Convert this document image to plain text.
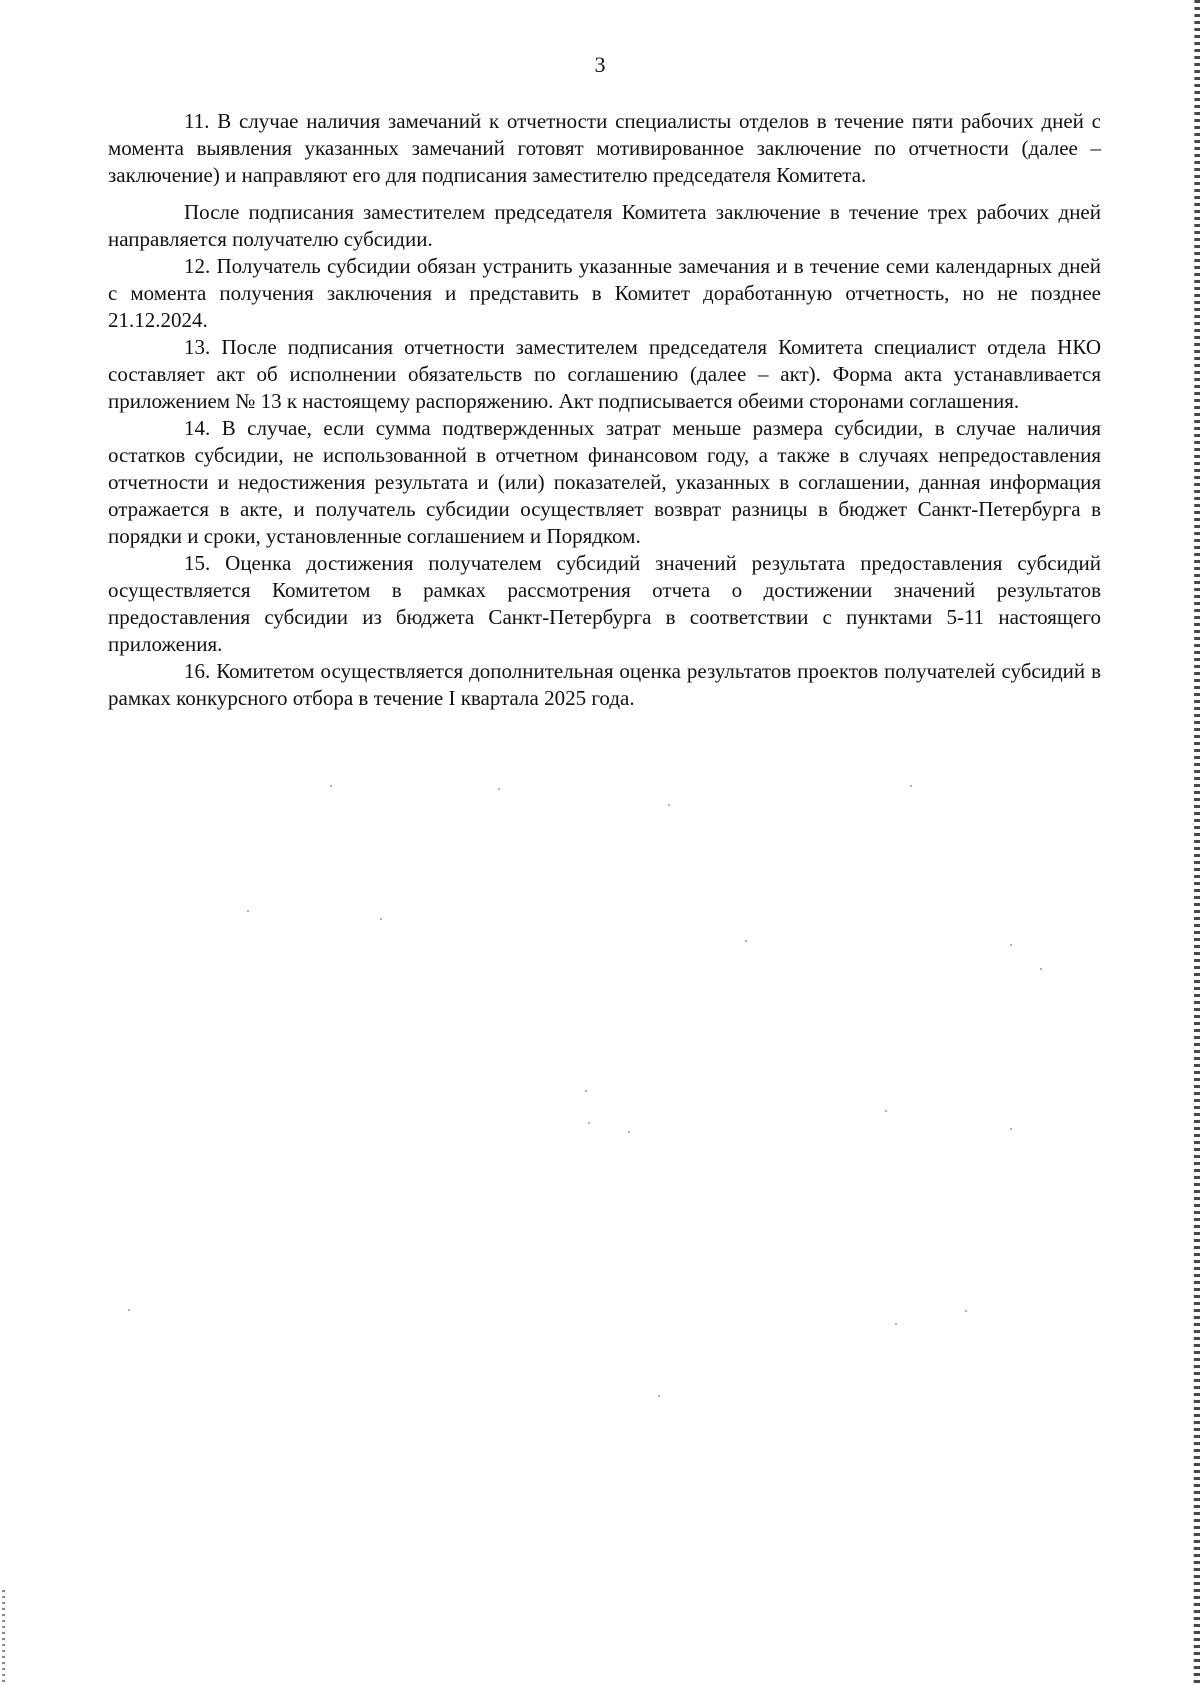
3

11. В случае наличия замечаний к отчетности специалисты отделов в течение пяти рабочих дней с момента выявления указанных замечаний готовят мотивированное заключение по отчетности (далее – заключение) и направляют его для подписания заместителю председателя Комитета.

После подписания заместителем председателя Комитета заключение в течение трех рабочих дней направляется получателю субсидии.

12. Получатель субсидии обязан устранить указанные замечания и в течение семи календарных дней с момента получения заключения и представить в Комитет доработанную отчетность, но не позднее 21.12.2024.

13. После подписания отчетности заместителем председателя Комитета специалист отдела НКО составляет акт об исполнении обязательств по соглашению (далее – акт). Форма акта устанавливается приложением № 13 к настоящему распоряжению. Акт подписывается обеими сторонами соглашения.

14. В случае, если сумма подтвержденных затрат меньше размера субсидии, в случае наличия остатков субсидии, не использованной в отчетном финансовом году, а также в случаях непредоставления отчетности и недостижения результата и (или) показателей, указанных в соглашении, данная информация отражается в акте, и получатель субсидии осуществляет возврат разницы в бюджет Санкт-Петербурга в порядки и сроки, установленные соглашением и Порядком.

15. Оценка достижения получателем субсидий значений результата предоставления субсидий осуществляется Комитетом в рамках рассмотрения отчета о достижении значений результатов предоставления субсидии из бюджета Санкт-Петербурга в соответствии с пунктами 5-11 настоящего приложения.

16. Комитетом осуществляется дополнительная оценка результатов проектов получателей субсидий в рамках конкурсного отбора в течение I квартала 2025 года.
